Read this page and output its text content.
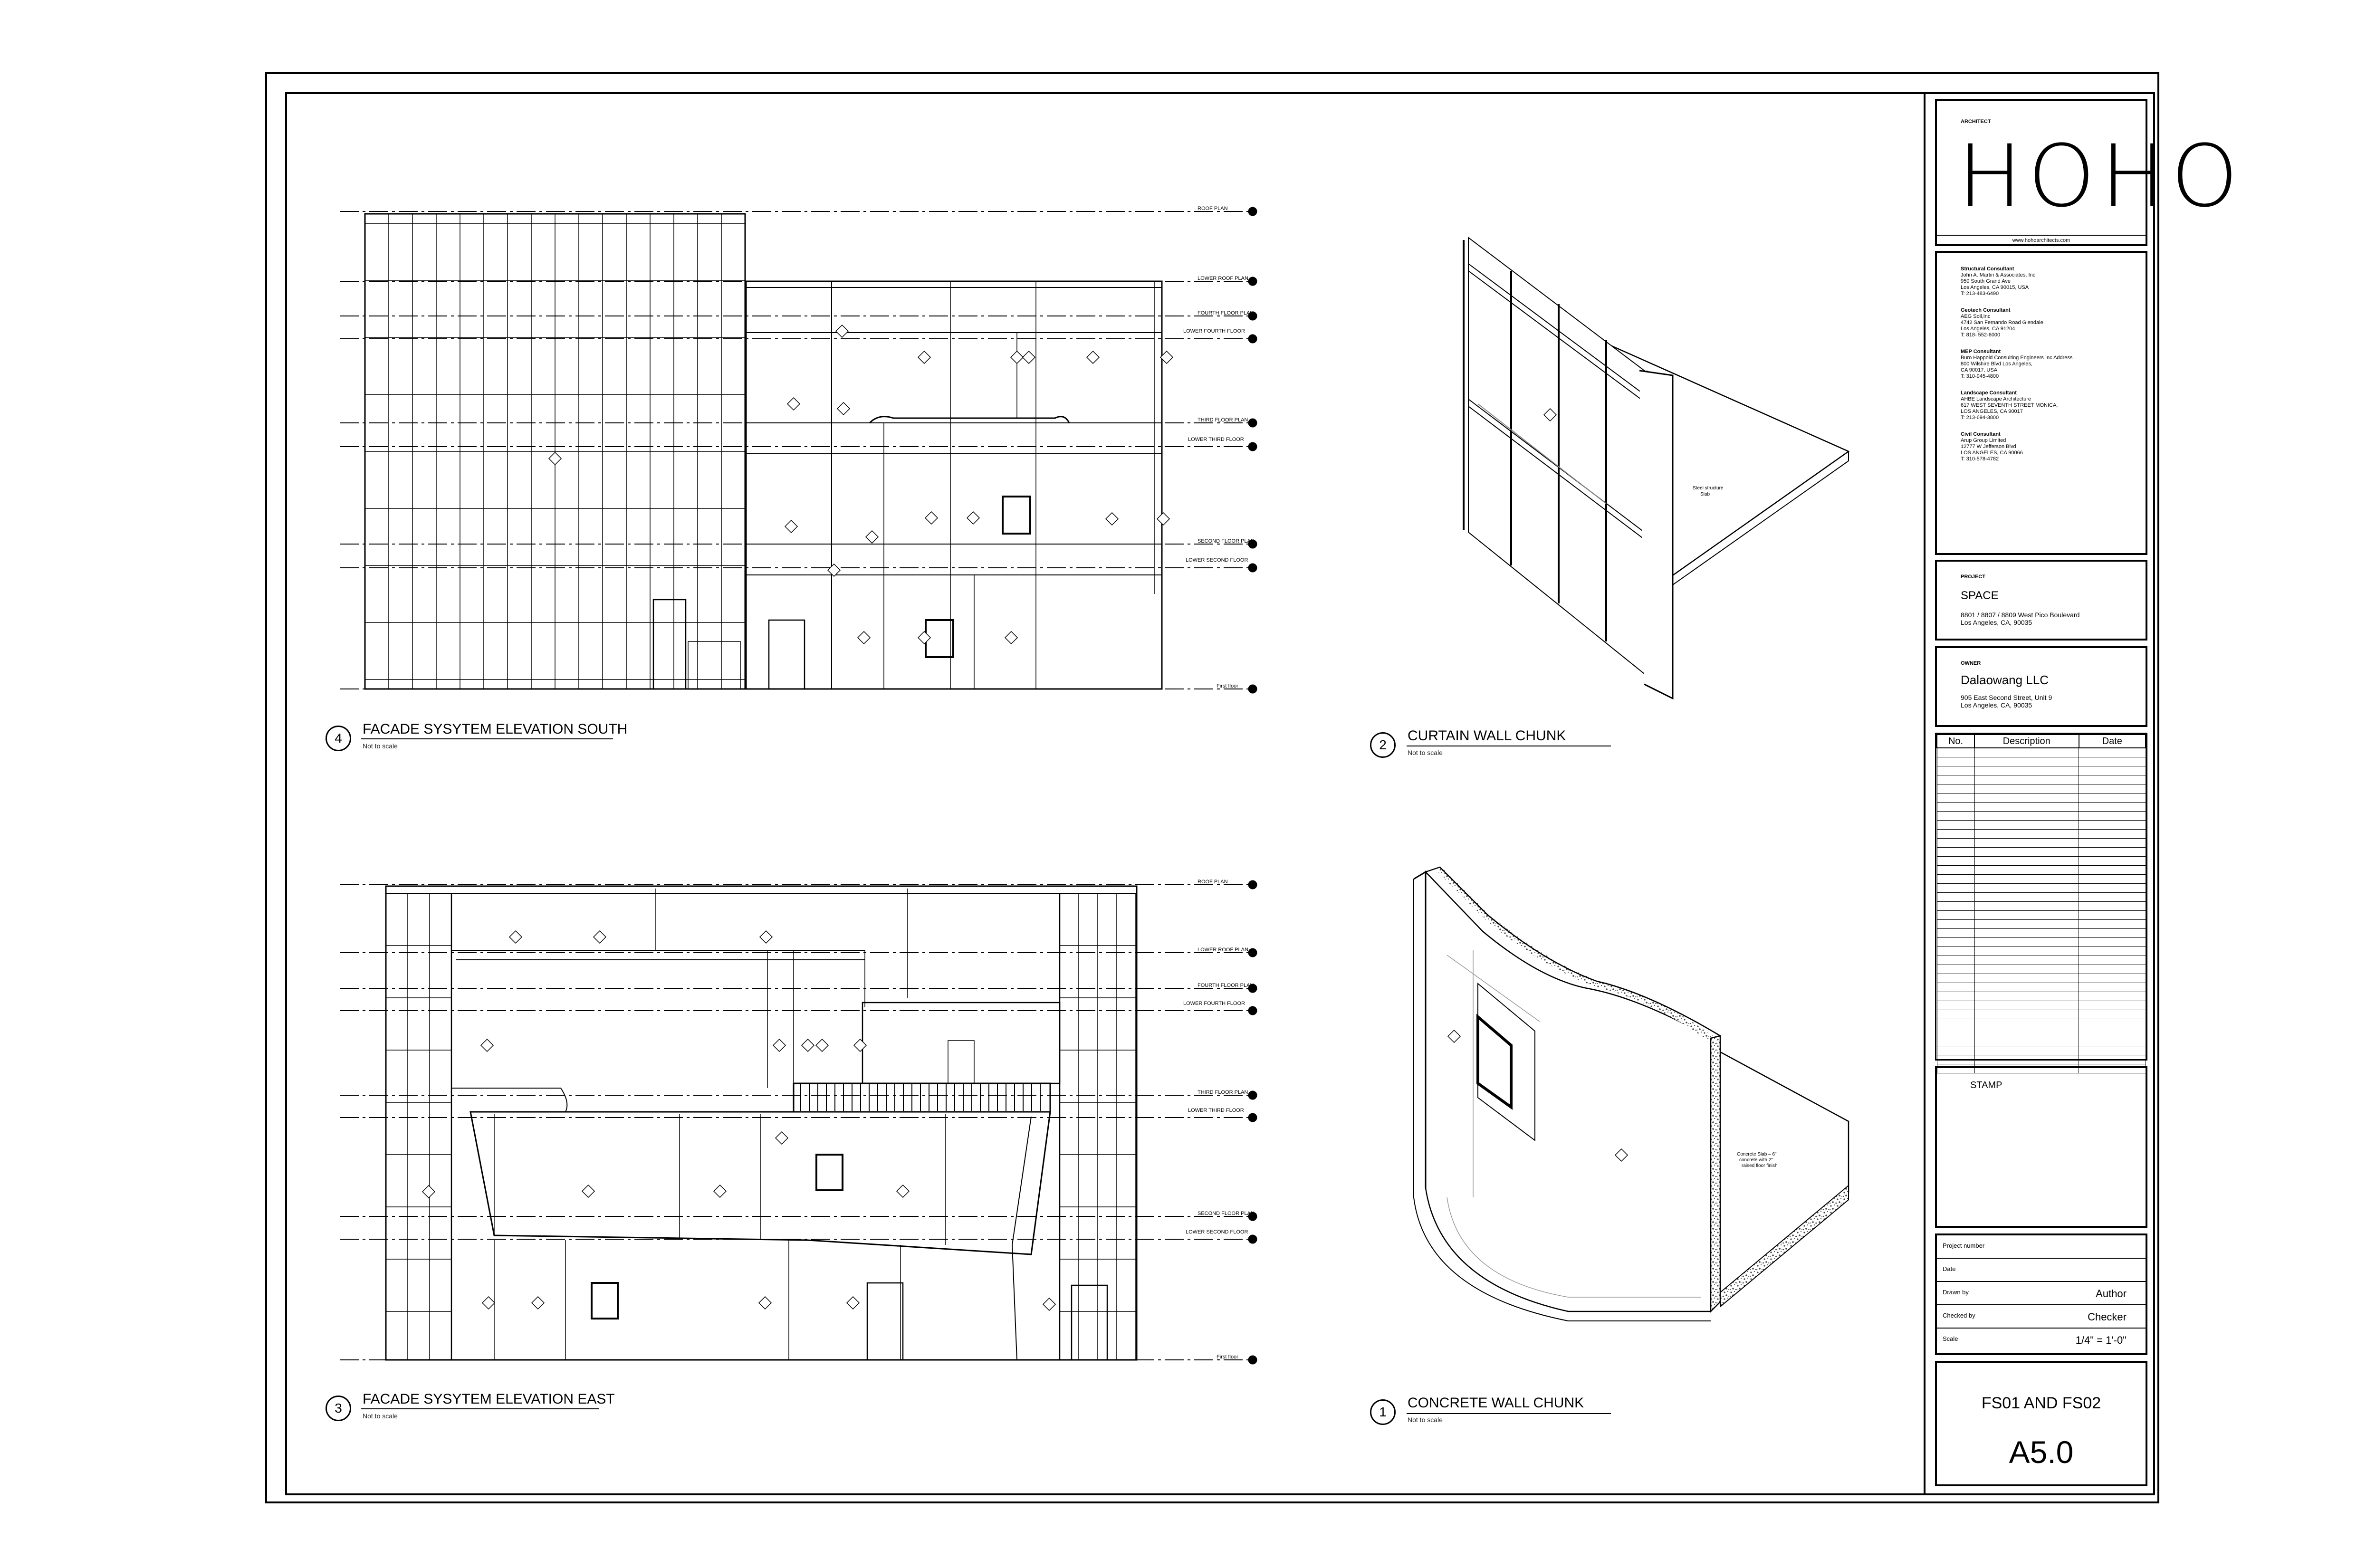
ROOF PLAN
LOWER ROOF PLAN
FOURTH FLOOR PLAN
LOWER FOURTH FLOOR
THIRD FLOOR PLAN
LOWER THIRD FLOOR
SECOND FLOOR PLAN
LOWER SECOND FLOOR
First floor
ROOF PLAN
LOWER ROOF PLAN
FOURTH FLOOR PLAN
LOWER FOURTH FLOOR
THIRD FLOOR PLAN
LOWER THIRD FLOOR
SECOND FLOOR PLAN
LOWER SECOND FLOOR
First floor
Steel structure
Slab
Concrete Slab – 6"
concrete with 2"
raised floor finish
4
FACADE SYSYTEM ELEVATION SOUTH
Not to scale	2
CURTAIN WALL CHUNK
Not to scale
3
FACADE SYSYTEM ELEVATION EAST
Not to scale	1
CONCRETE WALL CHUNK
Not to scale
ARCHITECT
HOHO
www.hohoarchitects.com
Structural Consultant
John A. Martin & Associates, Inc
950 South Grand Ave
Los Angeles, CA 90015, USA
T: 213-483-6490
Geotech Consultant
AEG Soil,Inc
4742 San Fernando Road Glendale
Los Angeles, CA 91204
T: 818- 552-6000
MEP Consultant
Buro Happold Consulting Engineers Inc Address
800 Wilshire Blvd Los Angeles,
CA 90017, USA
T: 310-945-4800
Landscape Consultant
AHBE Landscape Architecture
617 WEST SEVENTH STREET MONICA,
LOS ANGELES, CA 90017
T: 213-694-3800
Civil Consultant
Arup Group Limited
12777 W Jefferson Blvd
LOS ANGELES, CA 90066
T: 310-578-4782
PROJECT
SPACE
8801 / 8807 / 8809 West Pico Boulevard
Los Angeles, CA, 90035
OWNER
Dalaowang LLC
905 East Second Street, Unit 9
Los Angeles, CA, 90035
No.	Description	Date

STAMP
Project number
Date
Drawn by	Author
Checked by	Checker
Scale	1/4" = 1'-0"
FS01 AND FS02
A5.0
